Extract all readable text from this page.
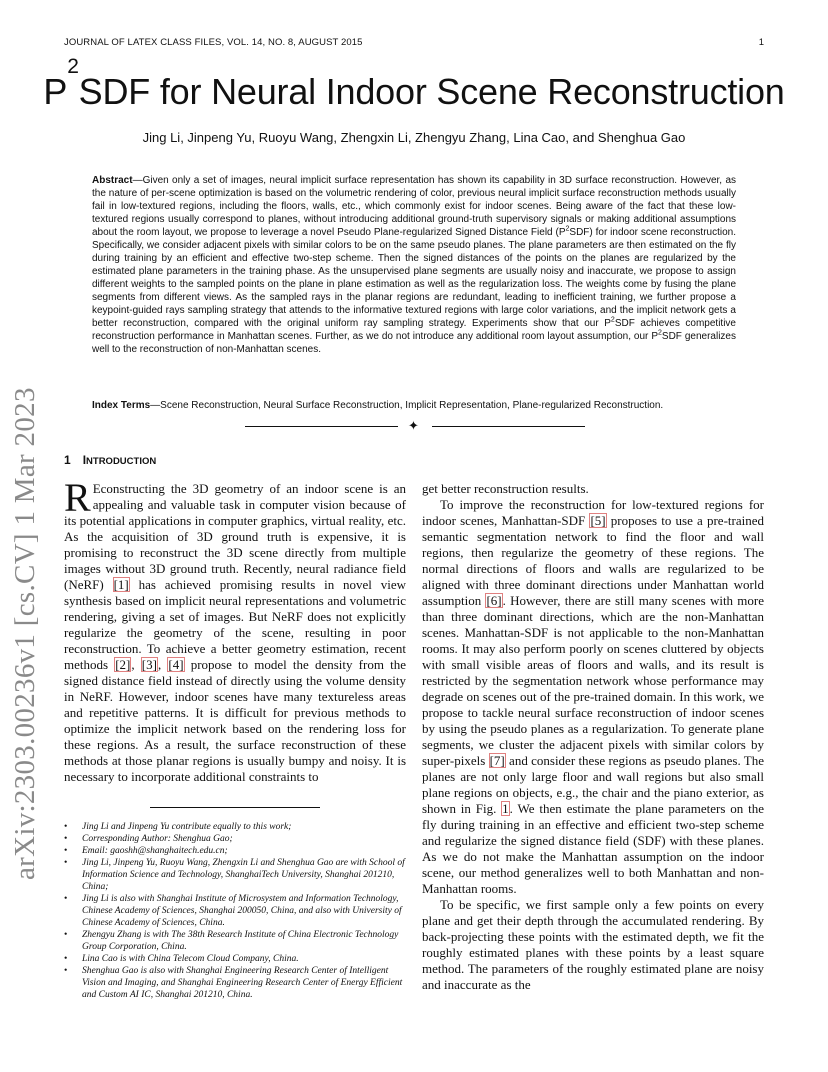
JOURNAL OF LATEX CLASS FILES, VOL. 14, NO. 8, AUGUST 2015	1
$P^2SDF$ for Neural Indoor Scene Reconstruction
Jing Li, Jinpeng Yu, Ruoyu Wang, Zhengxin Li, Zhengyu Zhang, Lina Cao, and Shenghua Gao
Abstract—Given only a set of images, neural implicit surface representation has shown its capability in 3D surface reconstruction. However, as the nature of per-scene optimization is based on the volumetric rendering of color, previous neural implicit surface reconstruction methods usually fail in low-textured regions, including the floors, walls, etc., which commonly exist for indoor scenes. Being aware of the fact that these low-textured regions usually correspond to planes, without introducing additional ground-truth supervisory signals or making additional assumptions about the room layout, we propose to leverage a novel Pseudo Plane-regularized Signed Distance Field $(P^2SDF)$ for indoor scene reconstruction. Specifically, we consider adjacent pixels with similar colors to be on the same pseudo planes. The plane parameters are then estimated on the fly during training by an efficient and effective two-step scheme. Then the signed distances of the points on the planes are regularized by the estimated plane parameters in the training phase. As the unsupervised plane segments are usually noisy and inaccurate, we propose to assign different weights to the sampled points on the plane in plane estimation as well as the regularization loss. The weights come by fusing the plane segments from different views. As the sampled rays in the planar regions are redundant, leading to inefficient training, we further propose a keypoint-guided rays sampling strategy that attends to the informative textured regions with large color variations, and the implicit network gets a better reconstruction, compared with the original uniform ray sampling strategy. Experiments show that our $P^2SDF$ achieves competitive reconstruction performance in Manhattan scenes. Further, as we do not introduce any additional room layout assumption, our $P^2SDF$ generalizes well to the reconstruction of non-Manhattan scenes.
Index Terms—Scene Reconstruction, Neural Surface Reconstruction, Implicit Representation, Plane-regularized Reconstruction.
✦
arXiv:2303.00236v1 [cs.CV] 1 Mar 2023 1 INTRODUCTION

R Econstructing the 3D geometry of an indoor scene is an appealing and valuable task in computer vision because of its potential applications in computer graphics, virtual reality, etc. As the acquisition of 3D ground truth is expensive, it is promising to reconstruct the 3D scene directly from multiple images without 3D ground truth. Recently, neural radiance field (NeRF) [1] has achieved promising results in novel view synthesis based on implicit neural representations and volumetric rendering, giving a set of images. But NeRF does not explicitly regularize the geometry of the scene, resulting in poor reconstruction. To achieve a better geometry estimation, recent methods [2], [3], [4] propose to model the density from the signed distance field instead of directly using the volume density in NeRF. However, indoor scenes have many textureless areas and repetitive patterns. It is difficult for previous methods to optimize the implicit network based on the rendering loss for these regions. As a result, the surface reconstruction of these methods at those planar regions is usually bumpy and noisy. It is necessary to incorporate additional constraints to

• Jing Li and Jinpeng Yu contribute equally to this work;
• Corresponding Author: Shenghua Gao;
• Email: gaoshh@shanghaitech.edu.cn;
• Jing Li, Jinpeng Yu, Ruoyu Wang, Zhengxin Li and Shenghua Gao are with School of Information Science and Technology, ShanghaiTech University, Shanghai 201210, China;
• Jing Li is also with Shanghai Institute of Microsystem and Information Technology, Chinese Academy of Sciences, Shanghai 200050, China, and also with University of Chinese Academy of Sciences, China.
• Zhengyu Zhang is with The 38th Research Institute of China Electronic Technology Group Corporation, China.
• Lina Cao is with China Telecom Cloud Company, China.
• Shenghua Gao is also with Shanghai Engineering Research Center of Intelligent Vision and Imaging, and Shanghai Engineering Research Center of Energy Efficient and Custom AI IC, Shanghai 201210, China.

get better reconstruction results.

To improve the reconstruction for low-textured regions for indoor scenes, Manhattan-SDF [5] proposes to use a pre-trained semantic segmentation network to find the floor and wall regions, then regularize the geometry of these regions. The normal directions of floors and walls are regularized to be aligned with three dominant directions under Manhattan world assumption [6]. However, there are still many scenes with more than three dominant directions, which are the non-Manhattan scenes. Manhattan-SDF is not applicable to the non-Manhattan rooms. It may also perform poorly on scenes cluttered by objects with small visible areas of floors and walls, and its result is restricted by the segmentation network whose performance may degrade on scenes out of the pre-trained domain. In this work, we propose to tackle neural surface reconstruction of indoor scenes by using the pseudo planes as a regularization. To generate plane segments, we cluster the adjacent pixels with similar colors by super-pixels [7] and consider these regions as pseudo planes. The planes are not only large floor and wall regions but also small plane regions on objects, e.g., the chair and the piano exterior, as shown in Fig. 1. We then estimate the plane parameters on the fly during training in an effective and efficient two-step scheme and regularize the signed distance field (SDF) with these planes. As we do not make the Manhattan assumption on the indoor scene, our method generalizes well to both Manhattan and non-Manhattan rooms.

To be specific, we first sample only a few points on every plane and get their depth through the accumulated rendering. By back-projecting these points with the estimated depth, we fit the roughly estimated planes with these points by a least square method. The parameters of the roughly estimated plane are noisy and inaccurate as the
